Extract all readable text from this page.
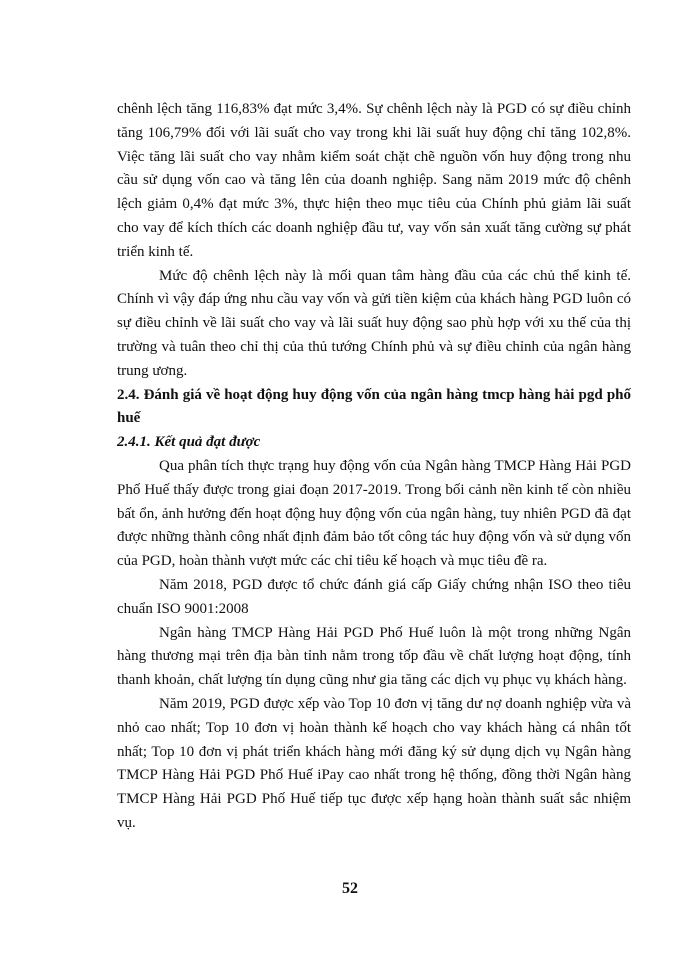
chênh lệch tăng 116,83% đạt mức 3,4%. Sự chênh lệch này là PGD có sự điều chỉnh tăng 106,79% đối với lãi suất cho vay trong khi lãi suất huy động chỉ tăng 102,8%. Việc tăng lãi suất cho vay nhằm kiểm soát chặt chẽ nguồn vốn huy động trong nhu cầu sử dụng vốn cao và tăng lên của doanh nghiệp. Sang năm 2019 mức độ chênh lệch giảm 0,4% đạt mức 3%, thực hiện theo mục tiêu của Chính phủ giảm lãi suất cho vay để kích thích các doanh nghiệp đầu tư, vay vốn sản xuất tăng cường sự phát triển kinh tế.

Mức độ chênh lệch này là mối quan tâm hàng đầu của các chủ thể kinh tế. Chính vì vậy đáp ứng nhu cầu vay vốn và gửi tiền kiệm của khách hàng PGD luôn có sự điều chỉnh về lãi suất cho vay và lãi suất huy động sao phù hợp với xu thế của thị trường và tuân theo chỉ thị của thủ tướng Chính phủ và sự điều chỉnh của ngân hàng trung ương.

2.4. Đánh giá về hoạt động huy động vốn của ngân hàng tmcp hàng hải pgd phố huế

2.4.1. Kết quả đạt được

Qua phân tích thực trạng huy động vốn của Ngân hàng TMCP Hàng Hải PGD Phố Huế thấy được trong giai đoạn 2017-2019. Trong bối cảnh nền kinh tế còn nhiều bất ổn, ảnh hưởng đến hoạt động huy động vốn của ngân hàng, tuy nhiên PGD đã đạt được những thành công nhất định đảm bảo tốt công tác huy động vốn và sử dụng vốn của PGD, hoàn thành vượt mức các chỉ tiêu kế hoạch và mục tiêu đề ra.

Năm 2018, PGD được tổ chức đánh giá cấp Giấy chứng nhận ISO theo tiêu chuẩn ISO 9001:2008

Ngân hàng TMCP Hàng Hải PGD Phố Huế luôn là một trong những Ngân hàng thương mại trên địa bàn tỉnh nằm trong tốp đầu về chất lượng hoạt động, tính thanh khoản, chất lượng tín dụng cũng như gia tăng các dịch vụ phục vụ khách hàng.

Năm 2019, PGD được xếp vào Top 10 đơn vị tăng dư nợ doanh nghiệp vừa và nhỏ cao nhất; Top 10 đơn vị hoàn thành kế hoạch cho vay khách hàng cá nhân tốt nhất; Top 10 đơn vị phát triển khách hàng mới đăng ký sử dụng dịch vụ Ngân hàng TMCP Hàng Hải PGD Phố Huế iPay cao nhất trong hệ thống, đồng thời Ngân hàng TMCP Hàng Hải PGD Phố Huế tiếp tục được xếp hạng hoàn thành suất sắc nhiệm vụ.

52
